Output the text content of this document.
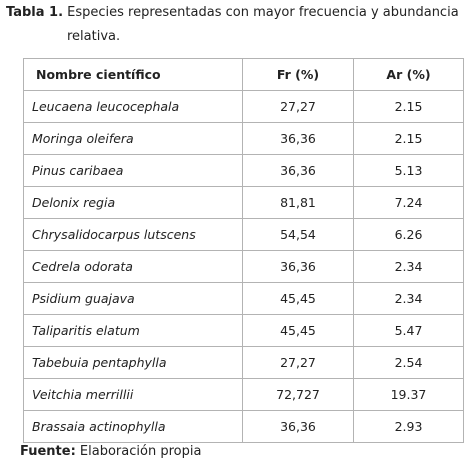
Tabla 1. Especies representadas con mayor frecuencia y abundancia
relativa.
Nombre científico	Fr (%)	Ar (%)
Leucaena leucocephala	27,27	2.15
Moringa oleifera	36,36	2.15
Pinus caribaea	36,36	5.13
Delonix regia	81,81	7.24
Chrysalidocarpus lutscens	54,54	6.26
Cedrela odorata	36,36	2.34
Psidium guajava	45,45	2.34
Taliparitis elatum	45,45	5.47
Tabebuia pentaphylla	27,27	2.54
Veitchia merrillii	72,727	19.37
Brassaia actinophylla	36,36	2.93
Fuente: Elaboración propia
